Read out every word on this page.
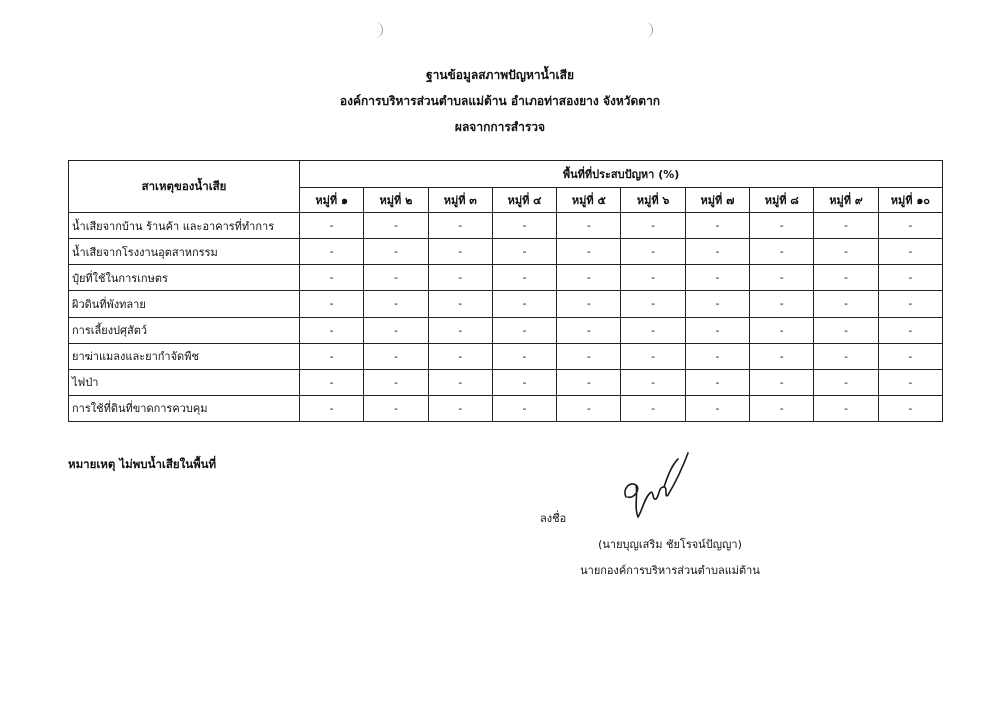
ฐานข้อมูลสภาพปัญหาน้ำเสีย
องค์การบริหารส่วนตำบลแม่ต้าน อำเภอท่าสองยาง จังหวัดตาก
ผลจากการสำรวจ
สาเหตุของน้ำเสีย	พื้นที่ที่ประสบปัญหา (%)									
	หมู่ที่ ๑	หมู่ที่ ๒	หมู่ที่ ๓	หมู่ที่ ๔	หมู่ที่ ๕	หมู่ที่ ๖	หมู่ที่ ๗	หมู่ที่ ๘	หมู่ที่ ๙	หมู่ที่ ๑๐
น้ำเสียจากบ้าน ร้านค้า และอาคารที่ทำการ	-	-	-	-	-	-	-	-	-	-
น้ำเสียจากโรงงานอุตสาหกรรม	-	-	-	-	-	-	-	-	-	-
ปุ๋ยที่ใช้ในการเกษตร	-	-	-	-	-	-	-	-	-	-
ผิวดินที่พังทลาย	-	-	-	-	-	-	-	-	-	-
การเลี้ยงปศุสัตว์	-	-	-	-	-	-	-	-	-	-
ยาฆ่าแมลงและยากำจัดพืช	-	-	-	-	-	-	-	-	-	-
ไฟป่า	-	-	-	-	-	-	-	-	-	-
การใช้ที่ดินที่ขาดการควบคุม	-	-	-	-	-	-	-	-	-	-
หมายเหตุ ไม่พบน้ำเสียในพื้นที่
ลงชื่อ
(นายบุญเสริม ชัยโรจน์ปัญญา)
นายกองค์การบริหารส่วนตำบลแม่ต้าน
